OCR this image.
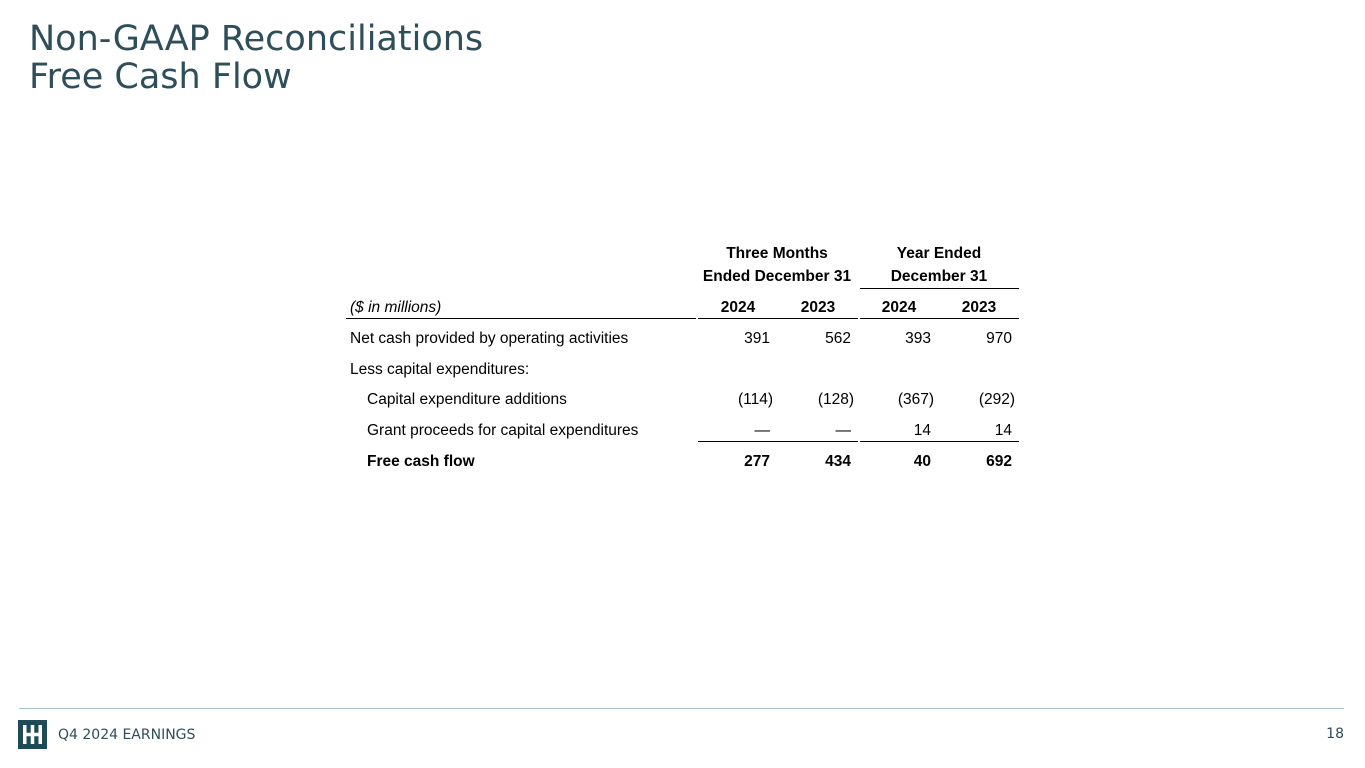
Non-GAAP Reconciliations
Free Cash Flow
Three Months
Ended December 31
Year Ended
December 31
($ in millions)	2024	2023	2024	2023
Net cash provided by operating activities	391	562	393	970
Less capital expenditures:
Capital expenditure additions	(114)	(128)	(367)	(292)
Grant proceeds for capital expenditures	—	—	14	14
Free cash flow	277	434	40	692
Q4 2024 EARNINGS	18
